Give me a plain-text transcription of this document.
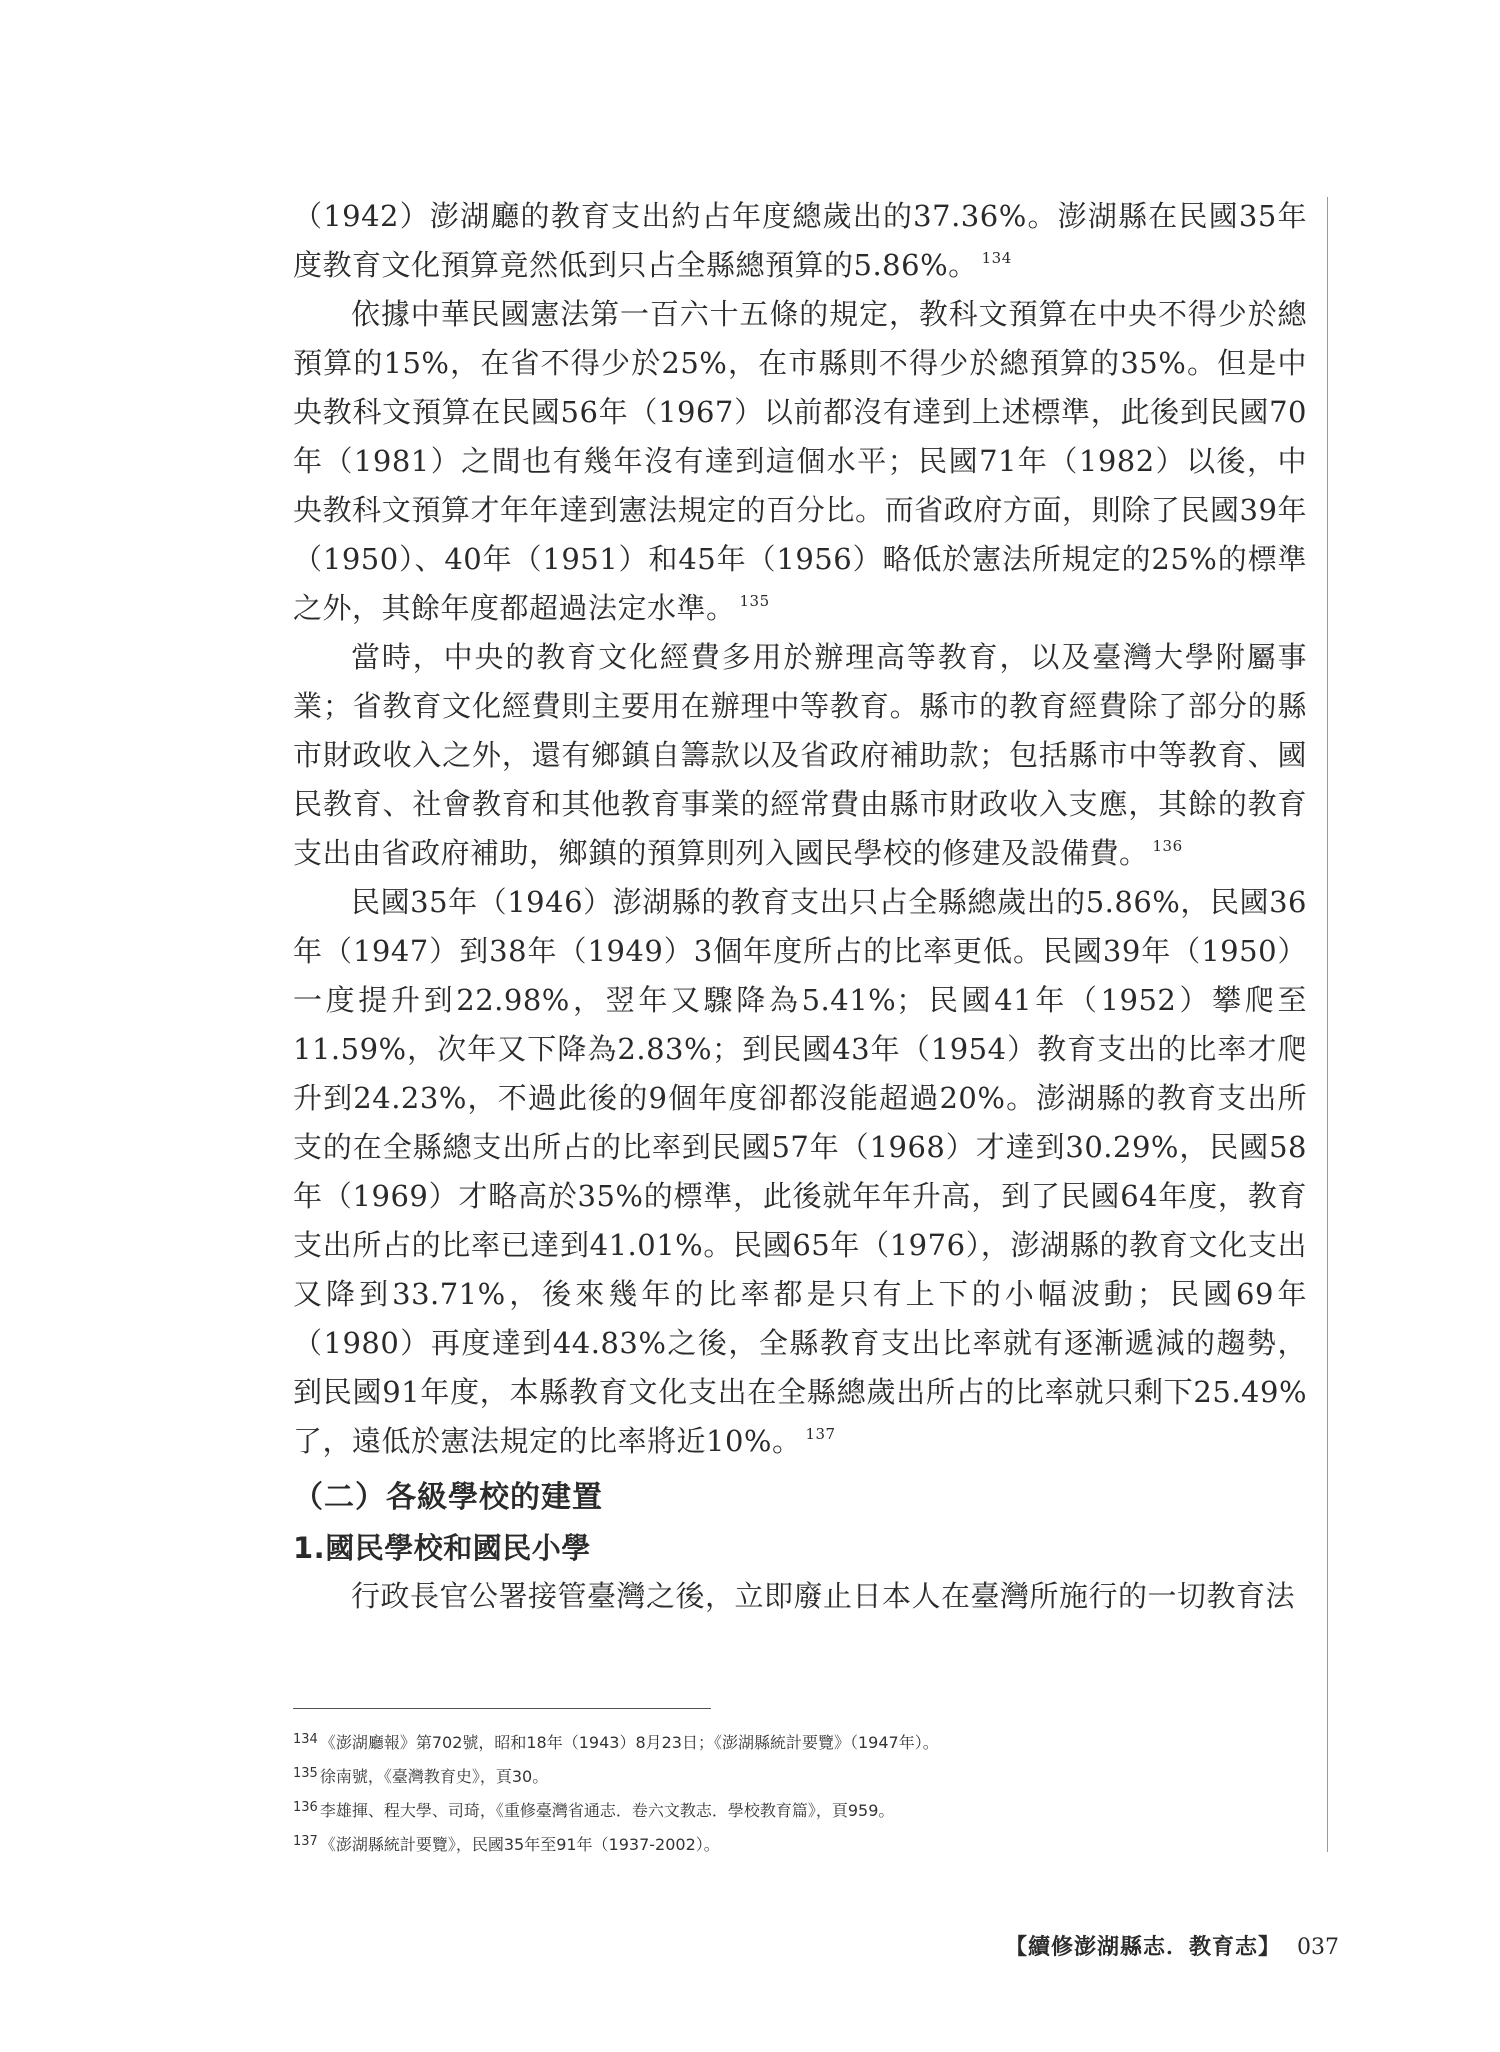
（1942）澎湖廳的教育支出約占年度總歲出的37.36%。澎湖縣在民國35年度教育文化預算竟然低到只占全縣總預算的5.86%。 $^{134}$

依據中華民國憲法第一百六十五條的規定，教科文預算在中央不得少於總預算的15%，在省不得少於25%，在市縣則不得少於總預算的35%。但是中央教科文預算在民國56年（1967）以前都沒有達到上述標準，此後到民國70年（1981）之間也有幾年沒有達到這個水平；民國71年（1982）以後，中央教科文預算才年年達到憲法規定的百分比。而省政府方面，則除了民國39年（1950）、40年（1951）和45年（1956）略低於憲法所規定的25%的標準之外，其餘年度都超過法定水準。 $^{135}$

當時，中央的教育文化經費多用於辦理高等教育，以及臺灣大學附屬事業；省教育文化經費則主要用在辦理中等教育。縣市的教育經費除了部分的縣市財政收入之外，還有鄉鎮自籌款以及省政府補助款；包括縣市中等教育、國民教育、社會教育和其他教育事業的經常費由縣市財政收入支應，其餘的教育支出由省政府補助，鄉鎮的預算則列入國民學校的修建及設備費。 $^{136}$

民國35年（1946）澎湖縣的教育支出只占全縣總歲出的5.86%，民國36年（1947）到38年（1949）3個年度所占的比率更低。民國39年（1950）一度提升到22.98%，翌年又驟降為5.41%；民國41年（1952）攀爬至11.59%，次年又下降為2.83%；到民國43年（1954）教育支出的比率才爬升到24.23%，不過此後的9個年度卻都沒能超過20%。澎湖縣的教育支出所支的在全縣總支出所占的比率到民國57年（1968）才達到30.29%，民國58年（1969）才略高於35%的標準，此後就年年升高，到了民國64年度，教育支出所占的比率已達到41.01%。民國65年（1976），澎湖縣的教育文化支出又降到33.71%，後來幾年的比率都是只有上下的小幅波動；民國69年（1980）再度達到44.83%之後，全縣教育支出比率就有逐漸遞減的趨勢，到民國91年度，本縣教育文化支出在全縣總歲出所占的比率就只剩下25.49%了，遠低於憲法規定的比率將近10%。 $^{137}$

（二）各級學校的建置
1.國民學校和國民小學

行政長官公署接管臺灣之後，立即廢止日本人在臺灣所施行的一切教育法

$^{134}$ 《澎湖廳報》第702號，昭和18年（1943）8月23日；《澎湖縣統計要覽》（1947年）。

$^{135}$ 徐南號，《臺灣教育史》，頁30。

$^{136}$ 李雄揮、程大學、司琦，《重修臺灣省通志．卷六文教志．學校教育篇》，頁959。

$^{137}$ 《澎湖縣統計要覽》，民國35年至91年（1937-2002）。

【續修澎湖縣志．教育志】 037
